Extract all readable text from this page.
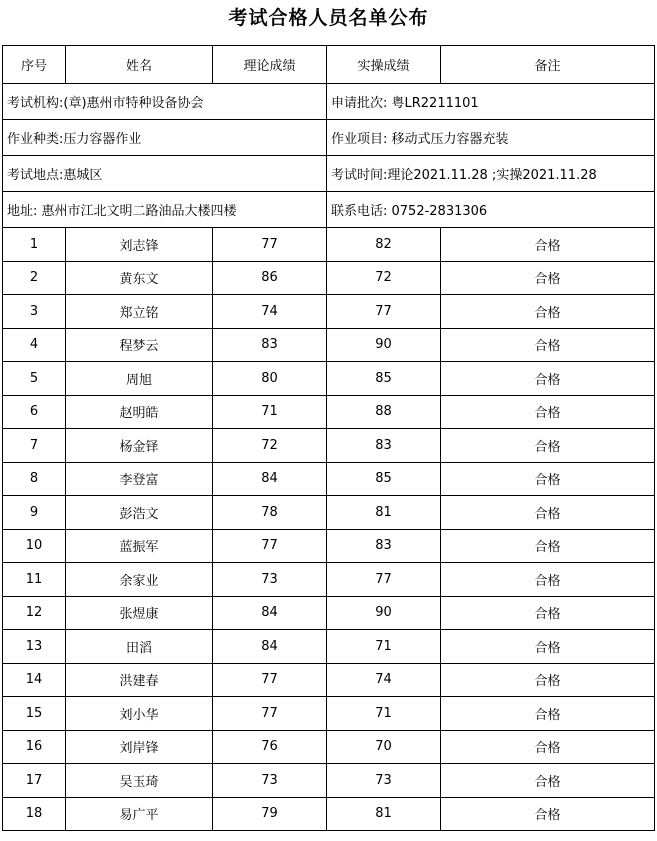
考试合格人员名单公布
考试机构:(章)惠州市特种设备协会			申请批次: 粤LR2211101	
作业种类:压力容器作业			作业项目: 移动式压力容器充装	
考试地点:惠城区			考试时间:理论2021.11.28 ;实操2021.11.28	
地址: 惠州市江北文明二路油品大楼四楼			联系电话: 0752-2831306	
序号	姓名	理论成绩	实操成绩	备注
1	刘志锋	77	82	合格
2	黄东文	86	72	合格
3	郑立铭	74	77	合格
4	程梦云	83	90	合格
5	周旭	80	85	合格
6	赵明皓	71	88	合格
7	杨金铎	72	83	合格
8	李登富	84	85	合格
9	彭浩文	78	81	合格
10	蓝振军	77	83	合格
11	余家业	73	77	合格
12	张煜康	84	90	合格
13	田滔	84	71	合格
14	洪建春	77	74	合格
15	刘小华	77	71	合格
16	刘岸锋	76	70	合格
17	吴玉琦	73	73	合格
18	易广平	79	81	合格
